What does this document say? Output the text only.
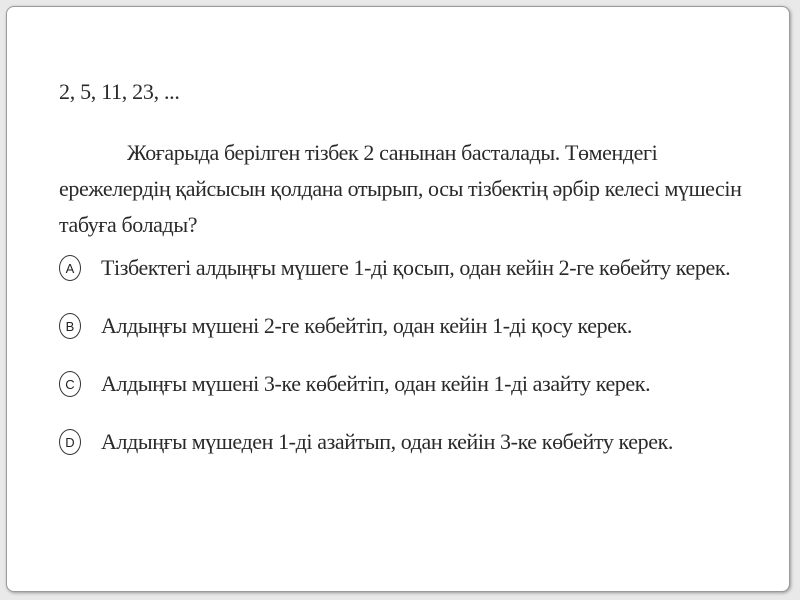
2, 5, 11, 23, ...
Жоғарыда берілген тізбек 2 санынан басталады. Төмендегі ережелердің қайсысын қолдана отырып, осы тізбектің әрбір келесі мүшесін табуға болады?
A	Тізбектегі алдыңғы мүшеге 1-ді қосып, одан кейін 2-ге көбейту керек.
B	Алдыңғы мүшені 2-ге көбейтіп, одан кейін 1-ді қосу керек.
C Алдыңғы мүшені 3-ке көбейтіп, одан кейін 1-ді азайту керек.
D Алдыңғы мүшеден 1-ді азайтып, одан кейін 3-ке көбейту керек.
